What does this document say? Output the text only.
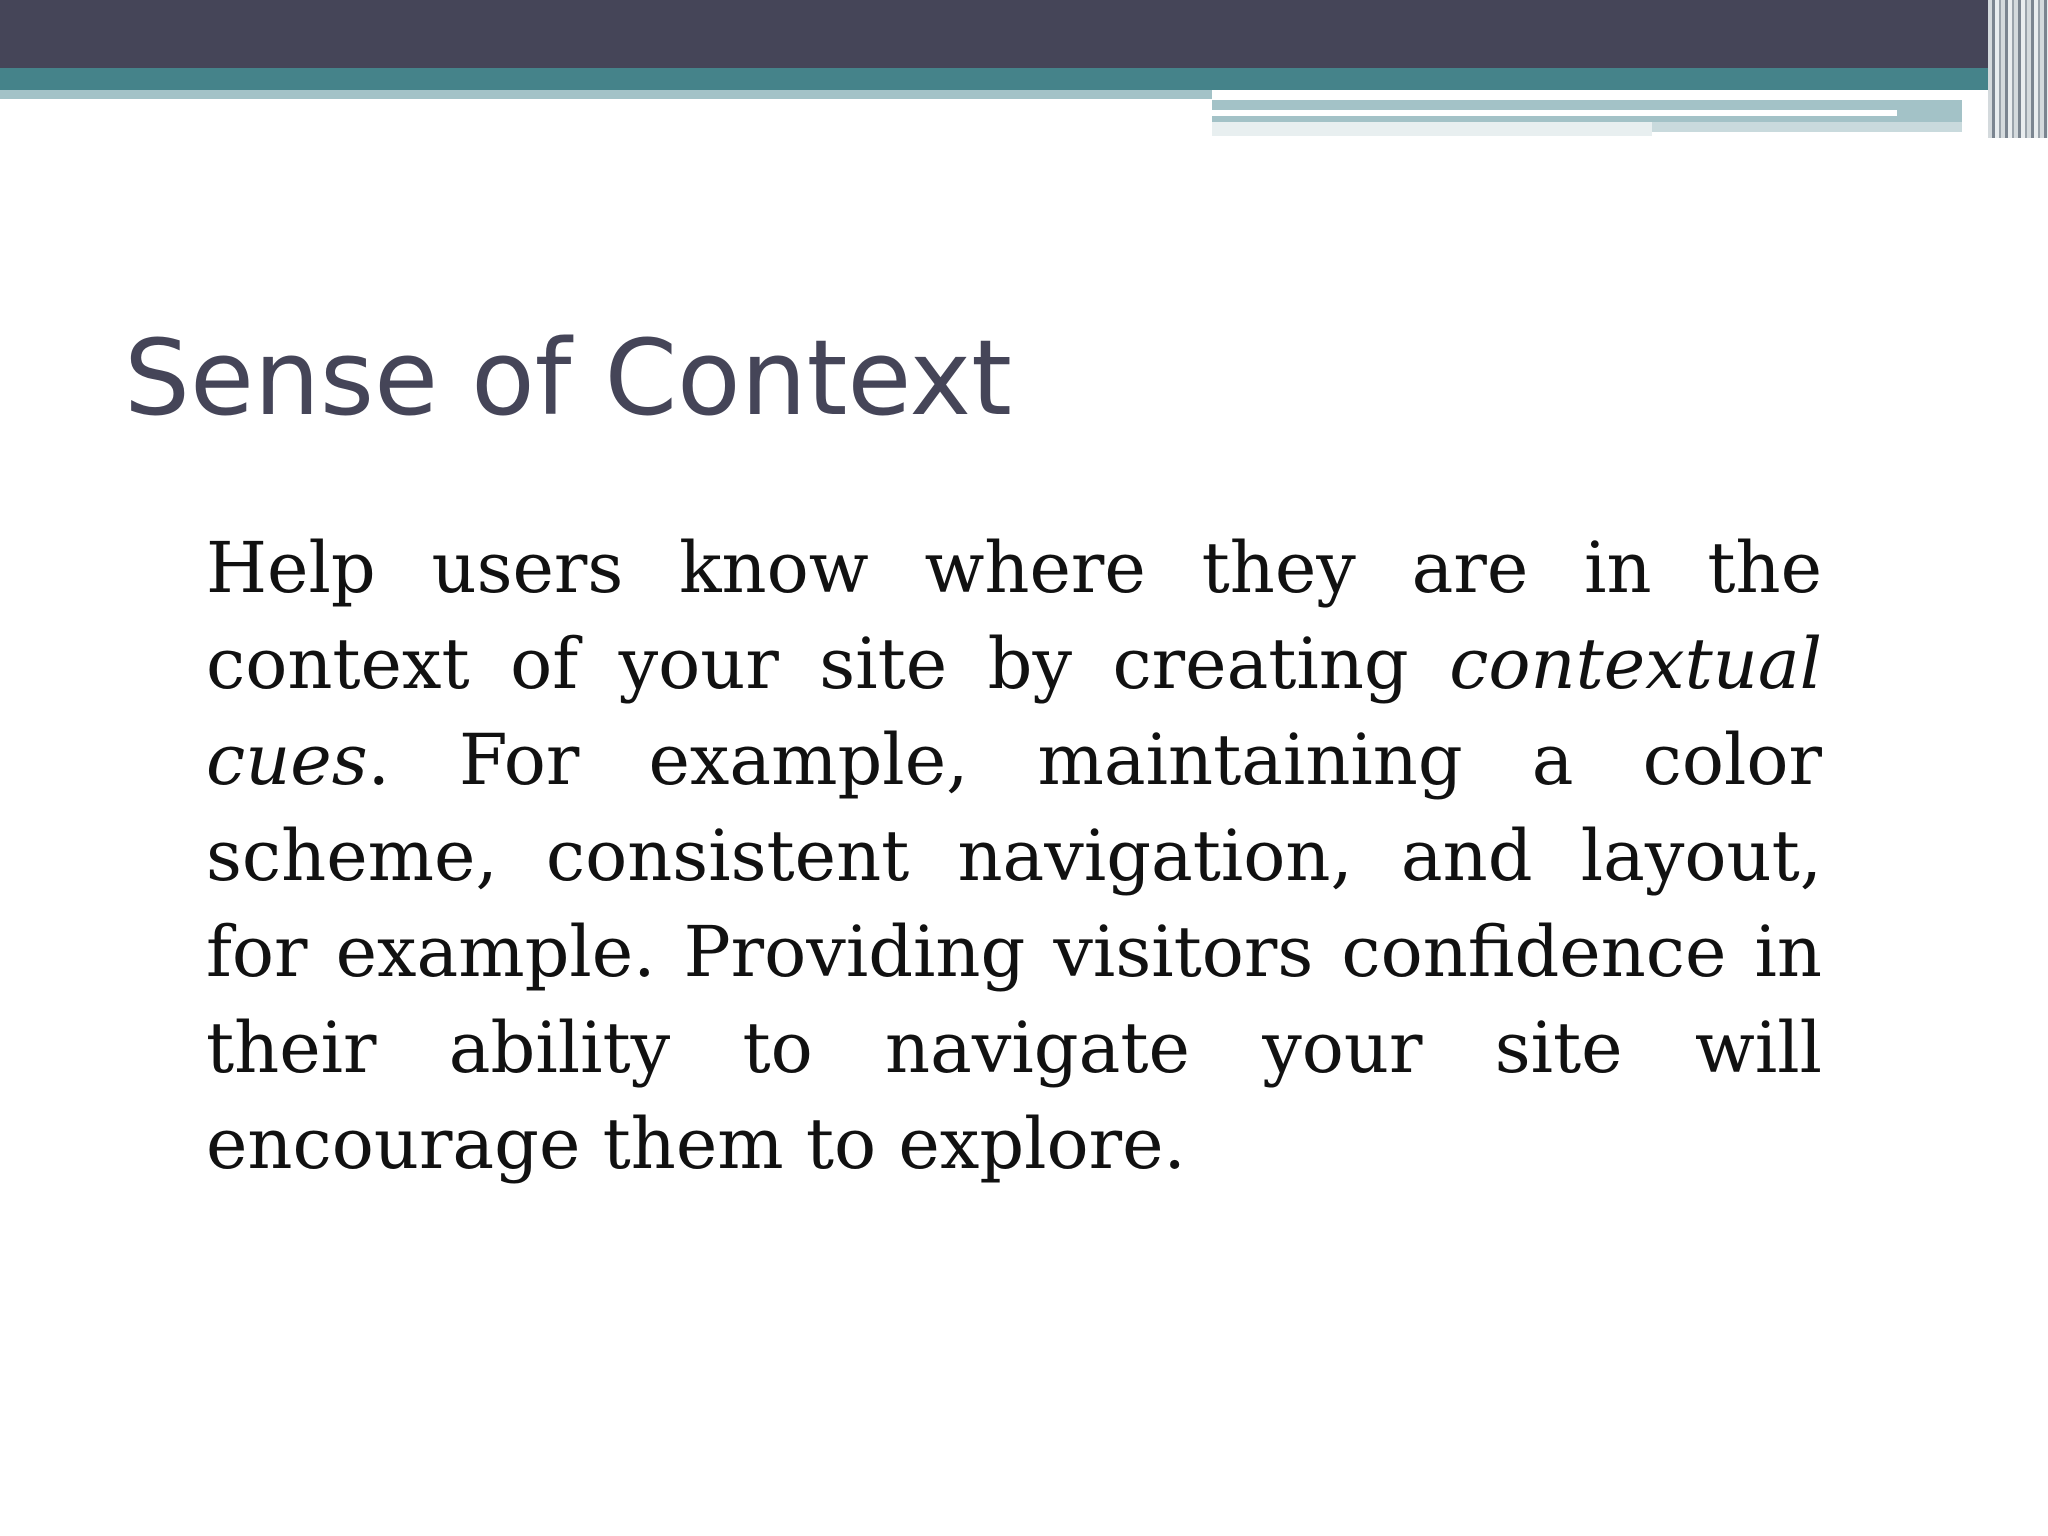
Sense of Context

Help users know where they are in the context of your site by creating contextual cues. For example, maintaining a color scheme, consistent navigation, and layout, for example. Providing visitors confidence in their ability to navigate your site will encourage them to explore.
